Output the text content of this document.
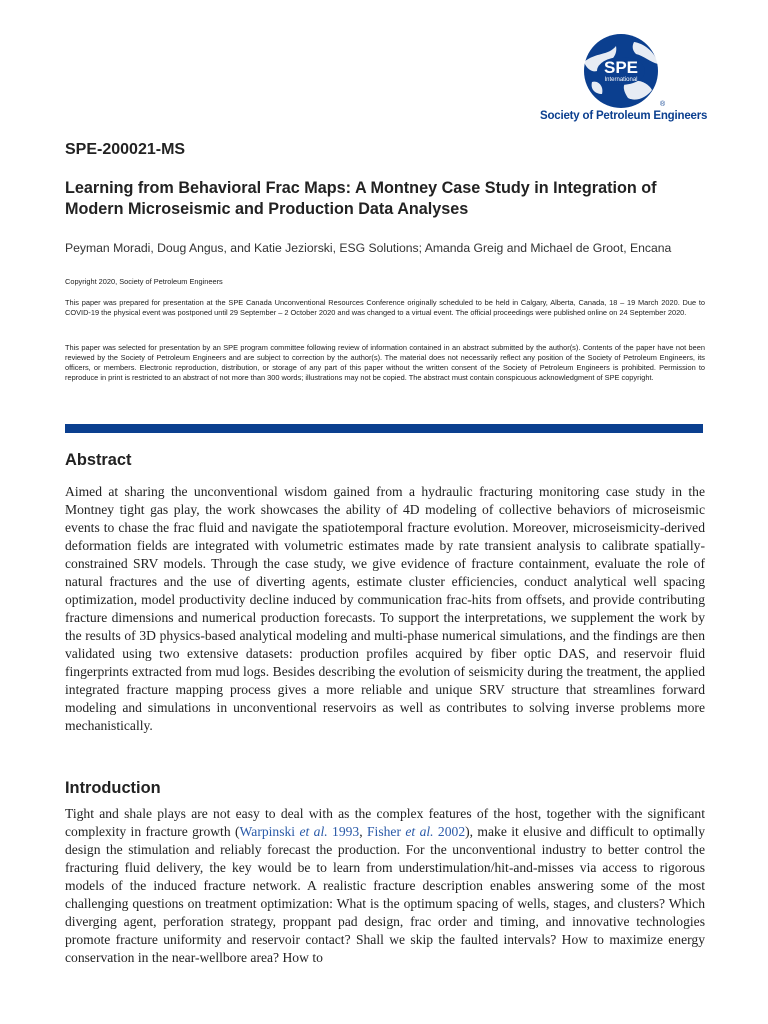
SPE
International
®
Society of Petroleum Engineers
SPE-200021-MS
Learning from Behavioral Frac Maps: A Montney Case Study in Integration of Modern Microseismic and Production Data Analyses
Peyman Moradi, Doug Angus, and Katie Jeziorski, ESG Solutions; Amanda Greig and Michael de Groot, Encana

Copyright 2020, Society of Petroleum Engineers

This paper was prepared for presentation at the SPE Canada Unconventional Resources Conference originally scheduled to be held in Calgary, Alberta, Canada, 18 – 19 March 2020. Due to COVID-19 the physical event was postponed until 29 September – 2 October 2020 and was changed to a virtual event. The official proceedings were published online on 24 September 2020.

This paper was selected for presentation by an SPE program committee following review of information contained in an abstract submitted by the author(s). Contents of the paper have not been reviewed by the Society of Petroleum Engineers and are subject to correction by the author(s). The material does not necessarily reflect any position of the Society of Petroleum Engineers, its officers, or members. Electronic reproduction, distribution, or storage of any part of this paper without the written consent of the Society of Petroleum Engineers is prohibited. Permission to reproduce in print is restricted to an abstract of not more than 300 words; illustrations may not be copied. The abstract must contain conspicuous acknowledgment of SPE copyright.

Abstract

Aimed at sharing the unconventional wisdom gained from a hydraulic fracturing monitoring case study in the Montney tight gas play, the work showcases the ability of 4D modeling of collective behaviors of microseismic events to chase the frac fluid and navigate the spatiotemporal fracture evolution. Moreover, microseismicity-derived deformation fields are integrated with volumetric estimates made by rate transient analysis to calibrate spatially-constrained SRV models. Through the case study, we give evidence of fracture containment, evaluate the role of natural fractures and the use of diverting agents, estimate cluster efficiencies, conduct analytical well spacing optimization, model productivity decline induced by communication frac-hits from offsets, and provide contributing fracture dimensions and numerical production forecasts. To support the interpretations, we supplement the work by the results of 3D physics-based analytical modeling and multi-phase numerical simulations, and the findings are then validated using two extensive datasets: production profiles acquired by fiber optic DAS, and reservoir fluid fingerprints extracted from mud logs. Besides describing the evolution of seismicity during the treatment, the applied integrated fracture mapping process gives a more reliable and unique SRV structure that streamlines forward modeling and simulations in unconventional reservoirs as well as contributes to solving inverse problems more mechanistically.

Introduction

Tight and shale plays are not easy to deal with as the complex features of the host, together with the significant complexity in fracture growth (Warpinski et al. 1993, Fisher et al. 2002), make it elusive and difficult to optimally design the stimulation and reliably forecast the production. For the unconventional industry to better control the fracturing fluid delivery, the key would be to learn from understimulation/hit-and-misses via access to rigorous models of the induced fracture network. A realistic fracture description enables answering some of the most challenging questions on treatment optimization: What is the optimum spacing of wells, stages, and clusters? Which diverging agent, perforation strategy, proppant pad design, frac order and timing, and innovative technologies promote fracture uniformity and reservoir contact? Shall we skip the faulted intervals? How to maximize energy conservation in the near-wellbore area? How to
